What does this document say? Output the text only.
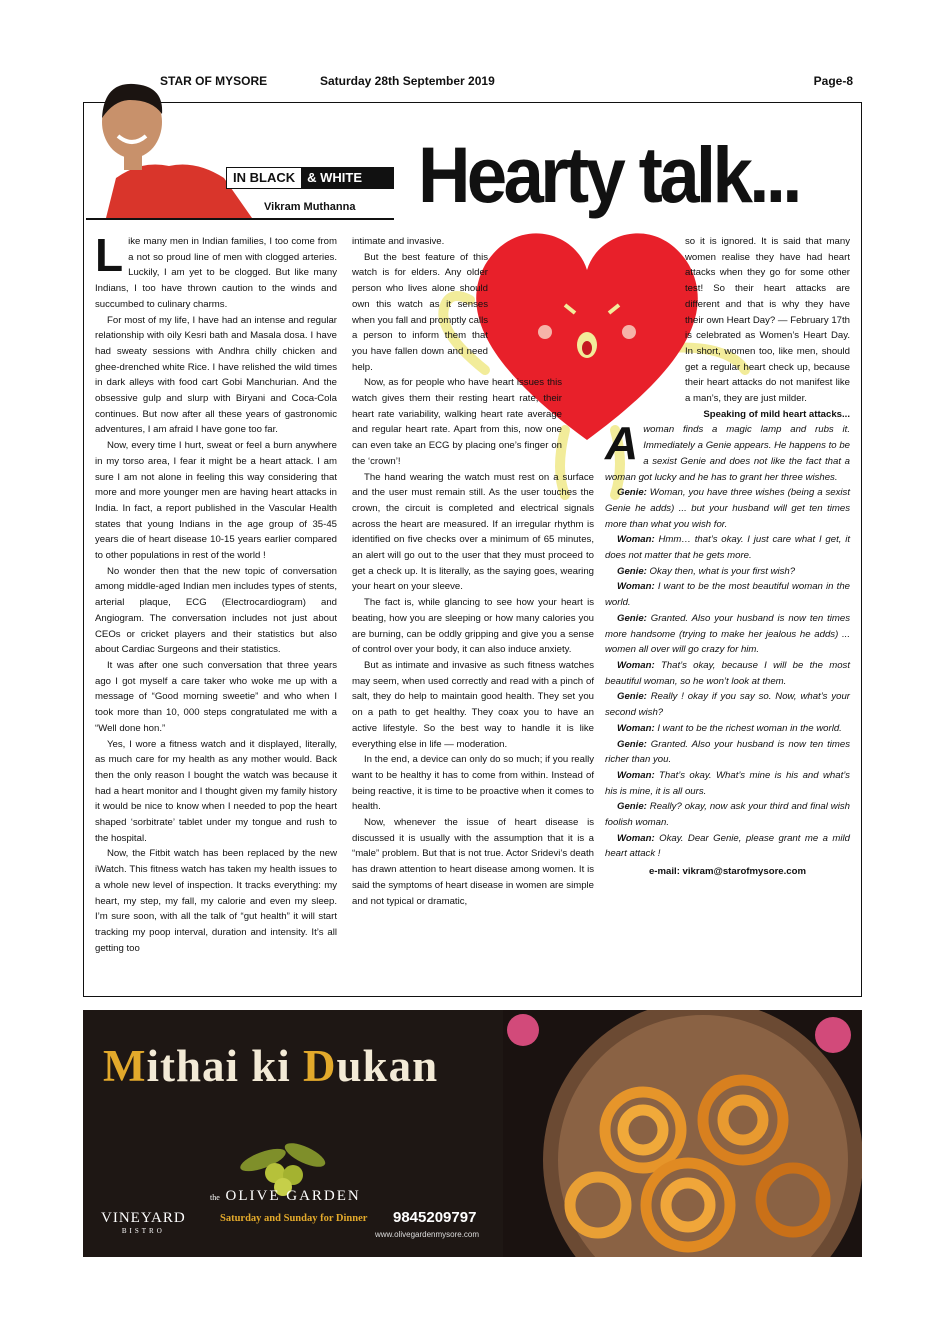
STAR OF MYSORE	Saturday 28th September 2019	Page-8
IN BLACK & WHITE
Vikram Muthanna Hearty talk...

Like many men in Indian families, I too come from a not so proud line of men with clogged arteries. Luckily, I am yet to be clogged. But like many Indians, I too have thrown caution to the winds and succumbed to culinary charms.

For most of my life, I have had an intense and regular relationship with oily Kesri bath and Masala dosa. I have had sweaty sessions with Andhra chilly chicken and ghee-drenched white Rice. I have relished the wild times in dark alleys with food cart Gobi Manchurian. And the obsessive gulp and slurp with Biryani and Coca-Cola continues. But now after all these years of gastronomic adventures, I am afraid I have gone too far.

Now, every time I hurt, sweat or feel a burn anywhere in my torso area, I fear it might be a heart attack. I am sure I am not alone in feeling this way considering that more and more younger men are having heart attacks in India. In fact, a report published in the Vascular Health states that young Indians in the age group of 35-45 years die of heart disease 10-15 years earlier compared to other populations in rest of the world !

No wonder then that the new topic of conversation among middle-aged Indian men includes types of stents, arterial plaque, ECG (Electrocardiogram) and Angiogram. The conversation includes not just about CEOs or cricket players and their statistics but also about Cardiac Surgeons and their statistics.

It was after one such conversation that three years ago I got myself a care taker who woke me up with a message of “Good morning sweetie” and who when I took more than 10, 000 steps congratulated me with a “Well done hon.”

Yes, I wore a fitness watch and it displayed, literally, as much care for my health as any mother would. Back then the only reason I bought the watch was because it had a heart monitor and I thought given my family history it would be nice to know when I needed to pop the heart shaped ‘sorbitrate’ tablet under my tongue and rush to the hospital.

Now, the Fitbit watch has been replaced by the new iWatch. This fitness watch has taken my health issues to a whole new level of inspection. It tracks everything: my heart, my step, my fall, my calorie and even my sleep. I’m sure soon, with all the talk of “gut health” it will start tracking my poop interval, duration and intensity. It’s all getting too

intimate and invasive.

But the best feature of this watch is for elders. Any older person who lives alone should own this watch as it senses when you fall and promptly calls a person to inform them that you have fallen down and need help.

Now, as for people who have heart issues this watch gives them their resting heart rate, their heart rate variability, walking heart rate average and regular heart rate. Apart from this, now one can even take an ECG by placing one’s finger on the ‘crown’!

The hand wearing the watch must rest on a surface and the user must remain still. As the user touches the crown, the circuit is completed and electrical signals across the heart are measured. If an irregular rhythm is identified on five checks over a minimum of 65 minutes, an alert will go out to the user that they must proceed to get a check up. It is literally, as the saying goes, wearing your heart on your sleeve.

The fact is, while glancing to see how your heart is beating, how you are sleeping or how many calories you are burning, can be oddly gripping and give you a sense of control over your body, it can also induce anxiety.

But as intimate and invasive as such fitness watches may seem, when used correctly and read with a pinch of salt, they do help to maintain good health. They set you on a path to get healthy. They coax you to have an active lifestyle. So the best way to handle it is like everything else in life — moderation.

In the end, a device can only do so much; if you really want to be healthy it has to come from within. Instead of being reactive, it is time to be proactive when it comes to health.

Now, whenever the issue of heart disease is discussed it is usually with the assumption that it is a “male” problem. But that is not true. Actor Sridevi’s death has drawn attention to heart disease among women. It is said the symptoms of heart disease in women are simple and not typical or dramatic,

so it is ignored. It is said that many women realise they have had heart attacks when they go for some other test! So their heart attacks are different and that is why they have their own Heart Day? — February 17th is celebrated as Women’s Heart Day. In short, women too, like men, should get a regular heart check up, because their heart attacks do not manifest like a man’s, they are just milder.

Speaking of mild heart attacks...

Awoman finds a magic lamp and rubs it. Immediately a Genie appears. He happens to be a sexist Genie and does not like the fact that a woman got lucky and he has to grant her three wishes.

Genie: Woman, you have three wishes (being a sexist Genie he adds) ... but your husband will get ten times more than what you wish for.

Woman: Hmm… that’s okay. I just care what I get, it does not matter that he gets more.

Genie: Okay then, what is your first wish?

Woman: I want to be the most beautiful woman in the world.

Genie: Granted. Also your husband is now ten times more handsome (trying to make her jealous he adds) ... women all over will go crazy for him.

Woman: That’s okay, because I will be the most beautiful woman, so he won’t look at them.

Genie: Really ! okay if you say so. Now, what’s your second wish?

Woman: I want to be the richest woman in the world.

Genie: Granted. Also your husband is now ten times richer than you.

Woman: That’s okay. What’s mine is his and what’s his is mine, it is all ours.

Genie: Really? okay, now ask your third and final wish foolish woman.

Woman: Okay. Dear Genie, please grant me a mild heart attack !

e-mail: vikram@starofmysore.com
Mithai ki Dukan
the OLIVE GARDEN
Saturday and Sunday for Dinner
VINEYARD
BISTRO
9845209797
www.olivegardenmysore.com
